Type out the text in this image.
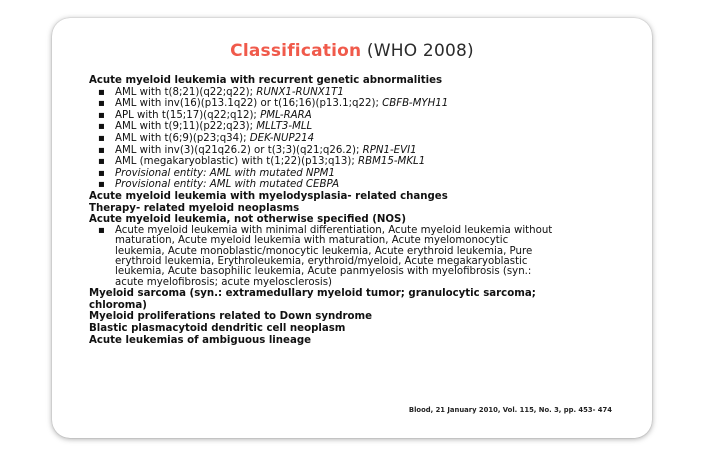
Classification (WHO 2008)

Acute myeloid leukemia with recurrent genetic abnormalities

▪ AML with t(8;21)(q22;q22); RUNX1-RUNX1T1
▪ AML with inv(16)(p13.1q22) or t(16;16)(p13.1;q22); CBFB-MYH11
▪ APL with t(15;17)(q22;q12); PML-RARA
▪ AML with t(9;11)(p22;q23); MLLT3-MLL
▪ AML with t(6;9)(p23;q34); DEK-NUP214
▪ AML with inv(3)(q21q26.2) or t(3;3)(q21;q26.2); RPN1-EVI1
▪ AML (megakaryoblastic) with t(1;22)(p13;q13); RBM15-MKL1
▪ Provisional entity: AML with mutated NPM1
▪ Provisional entity: AML with mutated CEBPA

Acute myeloid leukemia with myelodysplasia- related changes

Therapy- related myeloid neoplasms

Acute myeloid leukemia, not otherwise specified (NOS)

▪ Acute myeloid leukemia with minimal differentiation, Acute myeloid leukemia without maturation, Acute myeloid leukemia with maturation, Acute myelomonocytic leukemia, Acute monoblastic/monocytic leukemia, Acute erythroid leukemia, Pure erythroid leukemia, Erythroleukemia, erythroid/myeloid, Acute megakaryoblastic leukemia, Acute basophilic leukemia, Acute panmyelosis with myelofibrosis (syn.: acute myelofibrosis; acute myelosclerosis)

Myeloid sarcoma (syn.: extramedullary myeloid tumor; granulocytic sarcoma; chloroma)

Myeloid proliferations related to Down syndrome

Blastic plasmacytoid dendritic cell neoplasm

Acute leukemias of ambiguous lineage

Blood, 21 January 2010, Vol. 115, No. 3, pp. 453- 474
